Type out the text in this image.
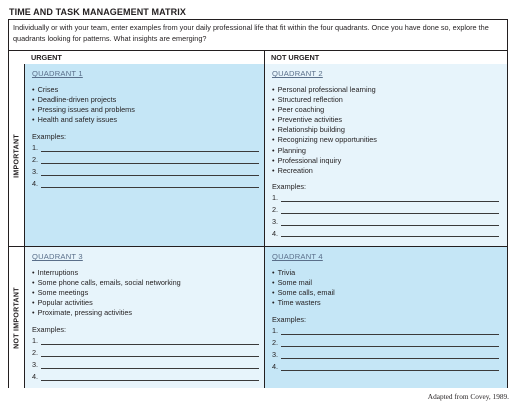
TIME AND TASK MANAGEMENT MATRIX
Individually or with your team, enter examples from your daily professional life that fit within the four quadrants. Once you have done so, explore the quadrants looking for patterns. What insights are emerging?
URGENT	NOT URGENT
IMPORTANT
NOT IMPORTANT
QUADRANT 1
• Crises
• Deadline-driven projects
• Pressing issues and problems
• Health and safety issues
Examples:
1.
2.
3.
4.
QUADRANT 2
• Personal professional learning
• Structured reflection
• Peer coaching
• Preventive activities
• Relationship building
• Recognizing new opportunities
• Planning
• Professional inquiry
• Recreation
Examples:
1.
2.
3.
4.
QUADRANT 3
• Interruptions
• Some phone calls, emails, social networking
• Some meetings
• Popular activities
• Proximate, pressing activities
Examples:
1.
2.
3.
4.
QUADRANT 4
• Trivia
• Some mail
• Some calls, email
• Time wasters
Examples:
1.
2.
3.
4.
Adapted from Covey, 1989.
